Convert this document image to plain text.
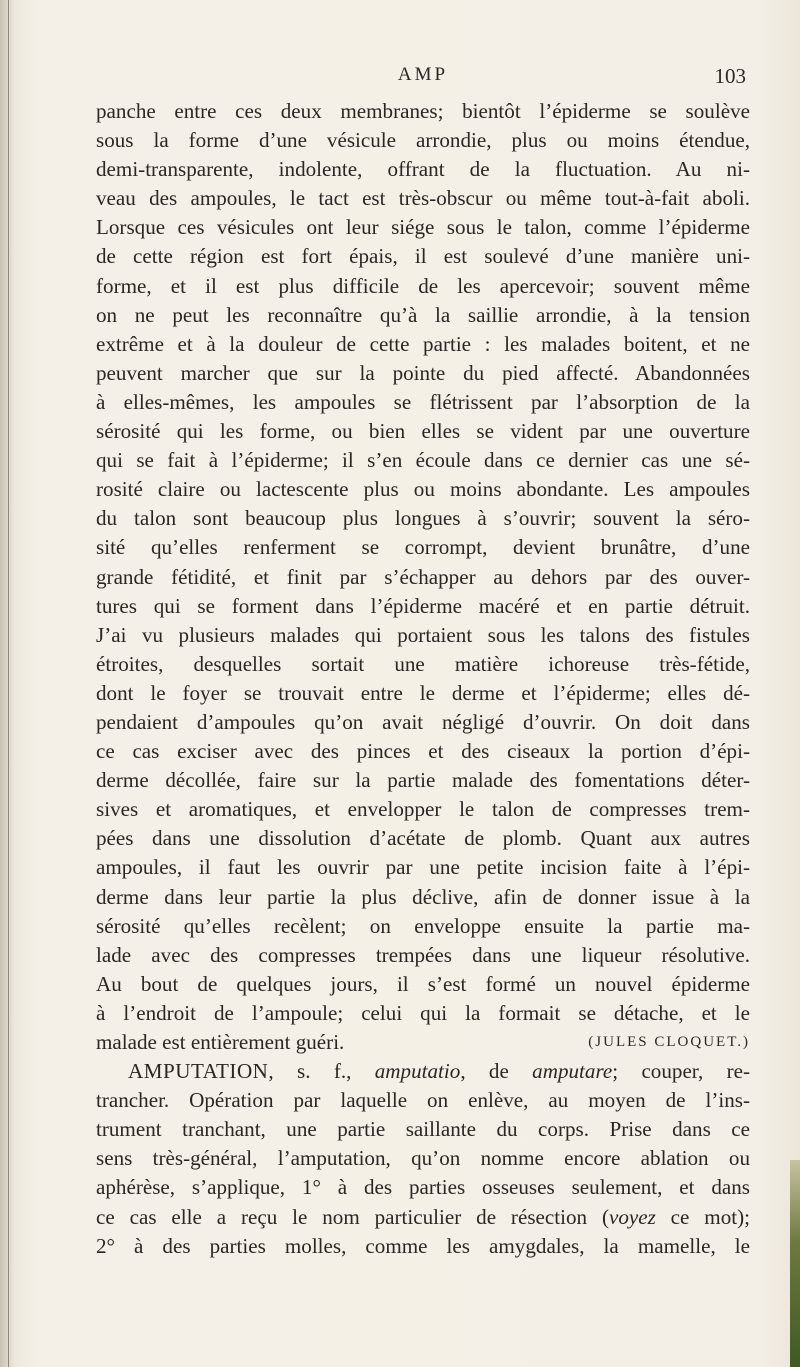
AMP	103
panche entre ces deux membranes; bientôt l’épiderme se soulève
sous la forme d’une vésicule arrondie, plus ou moins étendue,
demi-transparente, indolente, offrant de la fluctuation. Au ni-
veau des ampoules, le tact est très-obscur ou même tout-à-fait aboli.
Lorsque ces vésicules ont leur siége sous le talon, comme l’épiderme
de cette région est fort épais, il est soulevé d’une manière uni-
forme, et il est plus difficile de les apercevoir; souvent même
on ne peut les reconnaître qu’à la saillie arrondie, à la tension
extrême et à la douleur de cette partie : les malades boitent, et ne
peuvent marcher que sur la pointe du pied affecté. Abandonnées
à elles-mêmes, les ampoules se flétrissent par l’absorption de la
sérosité qui les forme, ou bien elles se vident par une ouverture
qui se fait à l’épiderme; il s’en écoule dans ce dernier cas une sé-
rosité claire ou lactescente plus ou moins abondante. Les ampoules
du talon sont beaucoup plus longues à s’ouvrir; souvent la séro-
sité qu’elles renferment se corrompt, devient brunâtre, d’une
grande fétidité, et finit par s’échapper au dehors par des ouver-
tures qui se forment dans l’épiderme macéré et en partie détruit.
J’ai vu plusieurs malades qui portaient sous les talons des fistules
étroites, desquelles sortait une matière ichoreuse très-fétide,
dont le foyer se trouvait entre le derme et l’épiderme; elles dé-
pendaient d’ampoules qu’on avait négligé d’ouvrir. On doit dans
ce cas exciser avec des pinces et des ciseaux la portion d’épi-
derme décollée, faire sur la partie malade des fomentations déter-
sives et aromatiques, et envelopper le talon de compresses trem-
pées dans une dissolution d’acétate de plomb. Quant aux autres
ampoules, il faut les ouvrir par une petite incision faite à l’épi-
derme dans leur partie la plus déclive, afin de donner issue à la
sérosité qu’elles recèlent; on enveloppe ensuite la partie ma-
lade avec des compresses trempées dans une liqueur résolutive.
Au bout de quelques jours, il s’est formé un nouvel épiderme
à l’endroit de l’ampoule; celui qui la formait se détache, et le
malade est entièrement guéri.	(JULES CLOQUET.)
AMPUTATION, s. f., amputatio, de amputare; couper, re-
trancher. Opération par laquelle on enlève, au moyen de l’ins-
trument tranchant, une partie saillante du corps. Prise dans ce
sens très-général, l’amputation, qu’on nomme encore ablation ou
aphérèse, s’applique, 1° à des parties osseuses seulement, et dans
ce cas elle a reçu le nom particulier de résection (voyez ce mot);
2° à des parties molles, comme les amygdales, la mamelle, le
